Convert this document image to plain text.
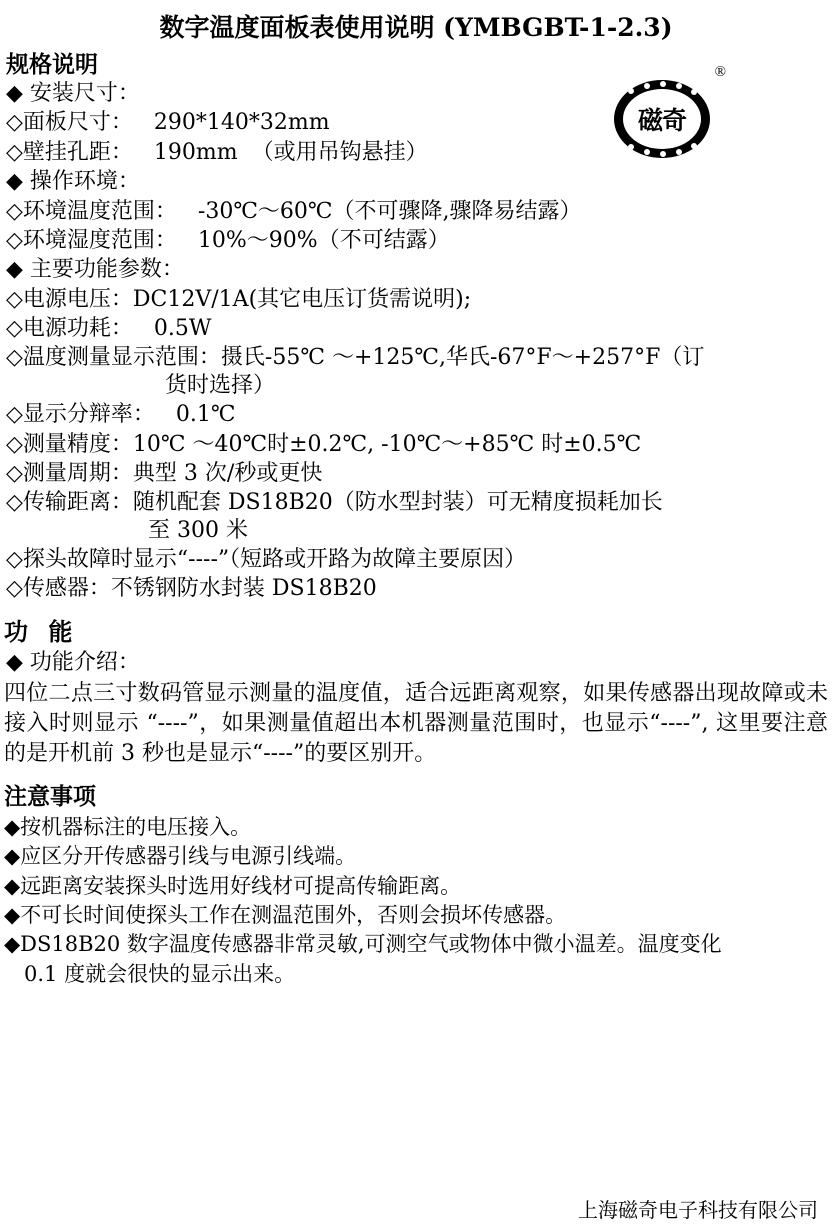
®
磁奇
数字温度面板表使用说明 (YMBGBT-1-2.3)
规格说明
◆ 安装尺寸：
◇面板尺寸：   290*140*32mm
◇壁挂孔距：   190mm  （或用吊钩悬挂）
◆ 操作环境：
◇环境温度范围：   -30℃～60℃（不可骤降,骤降易结露）
◇环境湿度范围：   10%～90%（不可结露）
◆ 主要功能参数：
◇电源电压：DC12V/1A(其它电压订货需说明);
◇电源功耗：   0.5W
◇温度测量显示范围：摄氏-55℃ ～+125℃,华氏-67°F～+257°F（订
货时选择）
◇显示分辩率：   0.1℃
◇测量精度：10℃ ～40℃时±0.2℃, -10℃～+85℃ 时±0.5℃
◇测量周期：典型 3 次/秒或更快
◇传输距离：随机配套 DS18B20（防水型封装）可无精度损耗加长
至 300 米
◇探头故障时显示“----”（短路或开路为故障主要原因）
◇传感器：不锈钢防水封装 DS18B20
功 能
◆ 功能介绍：
四位二点三寸数码管显示测量的温度值，适合远距离观察，如果传感器出现故障或未接入时则显示 “----”，如果测量值超出本机器测量范围时，也显示“----”, 这里要注意的是开机前 3 秒也是显示“----”的要区别开。
注意事项
◆按机器标注的电压接入。
◆应区分开传感器引线与电源引线端。
◆远距离安装探头时选用好线材可提高传输距离。
◆不可长时间使探头工作在测温范围外，否则会损坏传感器。
◆DS18B20 数字温度传感器非常灵敏,可测空气或物体中微小温差。温度变化
0.1 度就会很快的显示出来。
上海磁奇电子科技有限公司
